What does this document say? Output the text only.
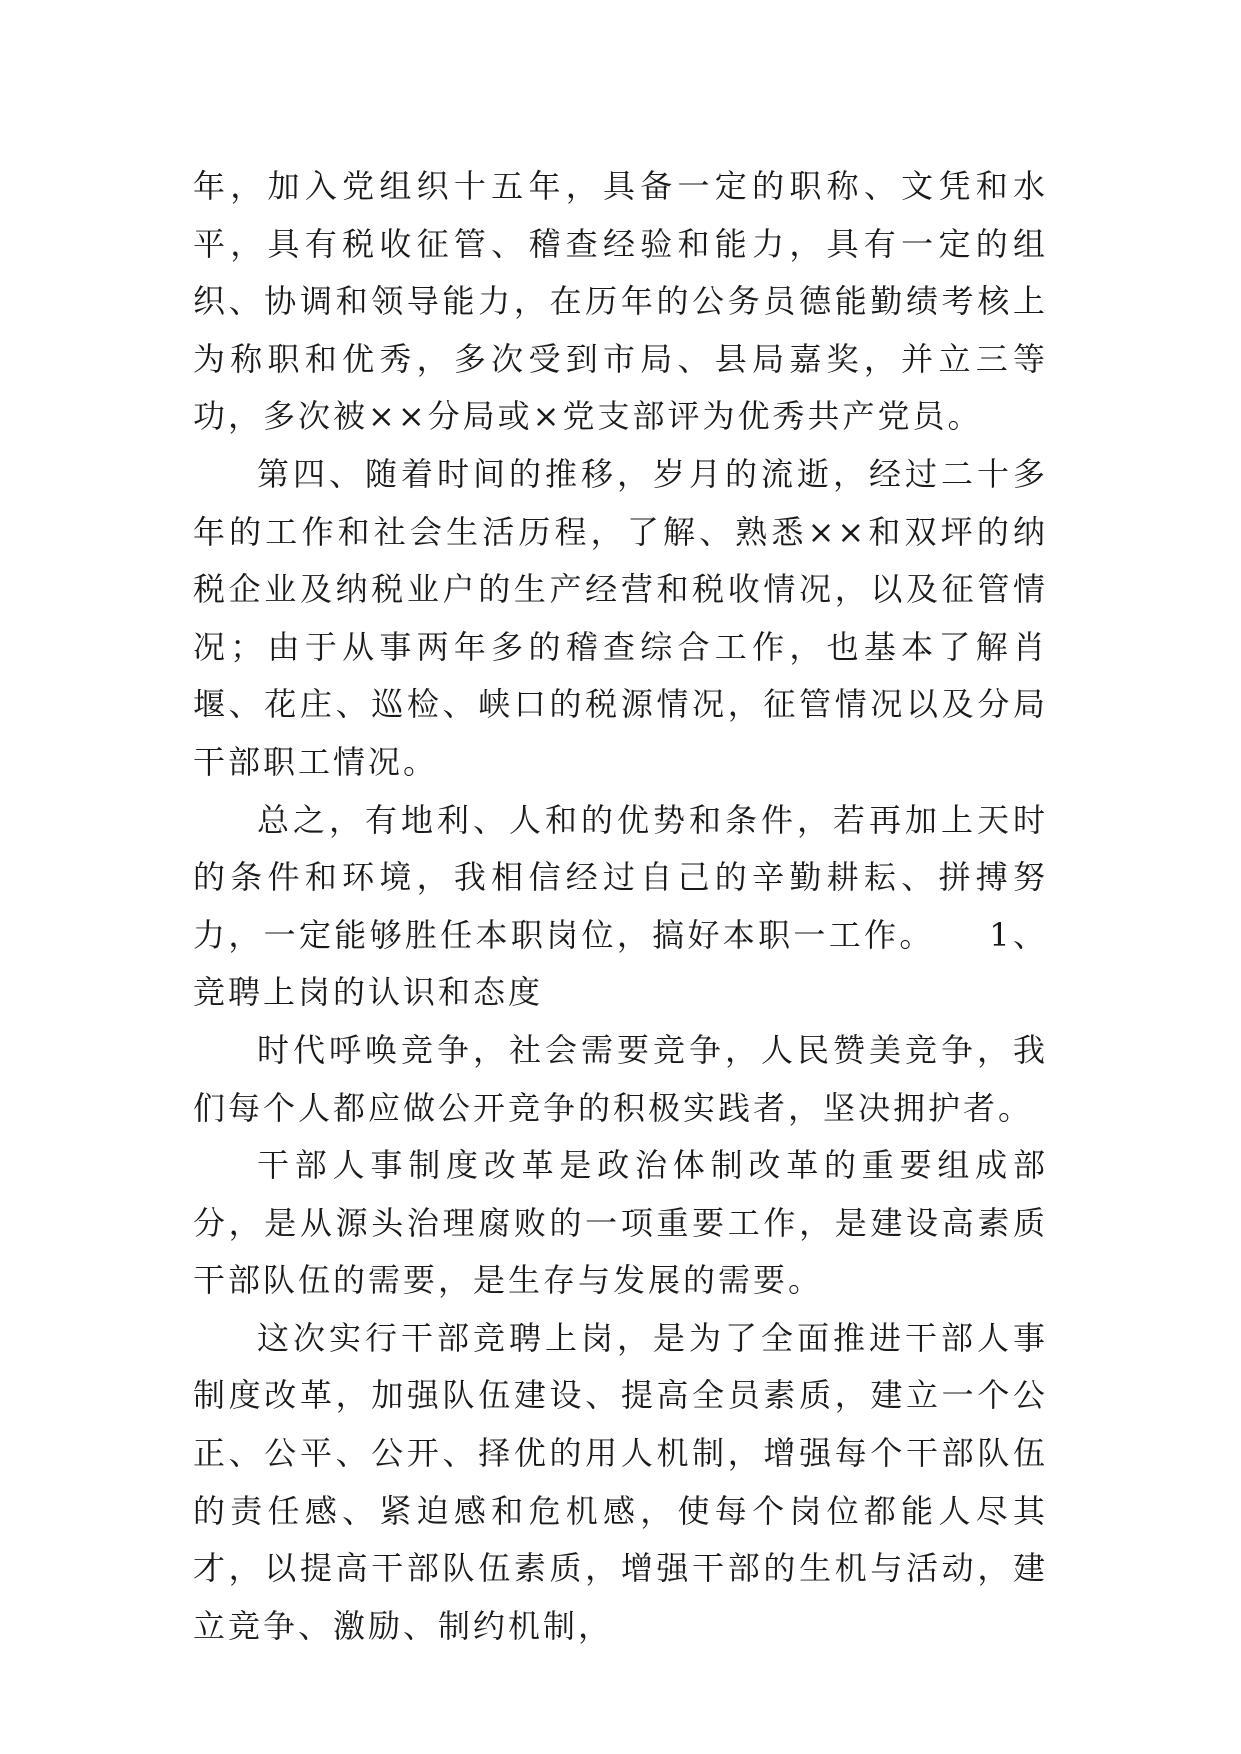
年，加入党组织十五年，具备一定的职称、文凭和水平，具有税收征管、稽查经验和能力，具有一定的组织、协调和领导能力，在历年的公务员德能勤绩考核上为称职和优秀，多次受到市局、县局嘉奖，并立三等功，多次被××分局或×党支部评为优秀共产党员。

第四、随着时间的推移，岁月的流逝，经过二十多年的工作和社会生活历程，了解、熟悉××和双坪的纳税企业及纳税业户的生产经营和税收情况，以及征管情况；由于从事两年多的稽查综合工作，也基本了解肖堰、花庄、巡检、峡口的税源情况，征管情况以及分局干部职工情况。

总之，有地利、人和的优势和条件，若再加上天时的条件和环境，我相信经过自己的辛勤耕耘、拼搏努力，一定能够胜任本职岗位，搞好本职一工作。　　1、竞聘上岗的认识和态度

时代呼唤竞争，社会需要竞争，人民赞美竞争，我们每个人都应做公开竞争的积极实践者，坚决拥护者。

干部人事制度改革是政治体制改革的重要组成部分，是从源头治理腐败的一项重要工作，是建设高素质干部队伍的需要，是生存与发展的需要。

这次实行干部竞聘上岗，是为了全面推进干部人事制度改革，加强队伍建设、提高全员素质，建立一个公正、公平、公开、择优的用人机制，增强每个干部队伍的责任感、紧迫感和危机感，使每个岗位都能人尽其才，以提高干部队伍素质，增强干部的生机与活动，建立竞争、激励、制约机制，
